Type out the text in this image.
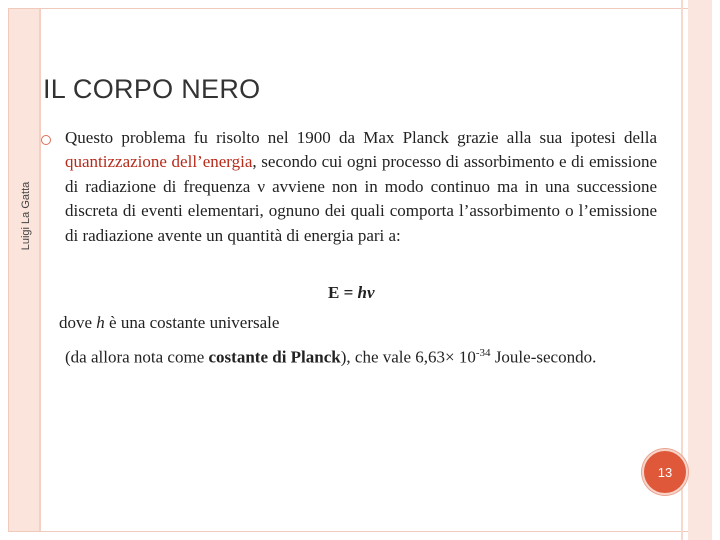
IL CORPO NERO
Luigi La Gatta

Questo problema fu risolto nel 1900 da Max Planck grazie alla sua ipotesi della quantizzazione dell’energia, secondo cui ogni processo di assorbimento e di emissione di radiazione di frequenza ν avviene non in modo continuo ma in una successione discreta di eventi elementari, ognuno dei quali comporta l’assorbimento o l’emissione di radiazione avente un quantità di energia pari a:

E = hν

dove h è una costante universale

(da allora nota come costante di Planck), che vale $6,63\times 10^{-34}$ Joule-secondo.

13
